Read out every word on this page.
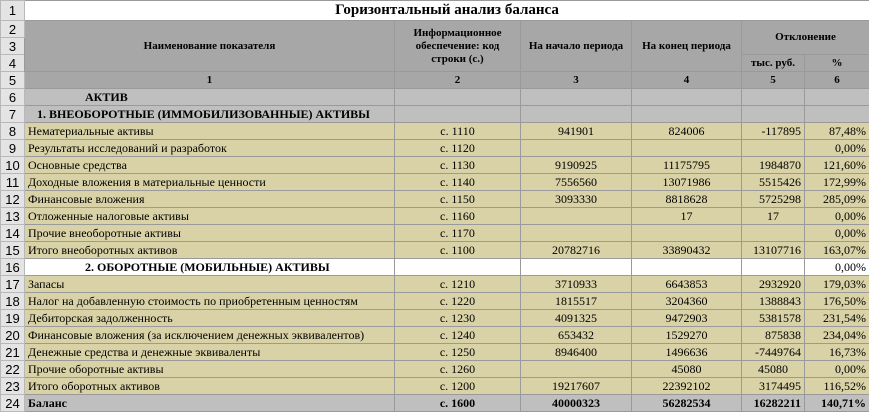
1	Горизонтальный анализ баланса					
2	Наименование показателя	Информационное обеспечение: код строки (с.)	На начало периода	На конец периода	Отклонение	
3						
4					тыс. руб.	%
5	1	2	3	4	5	6
6	АКТИВ					
7	1. ВНЕОБОРОТНЫЕ (ИММОБИЛИЗОВАННЫЕ) АКТИВЫ					
8	Нематериальные активы	с. 1110	941901	824006	-117895	87,48%
9	Результаты исследований и разработок	с. 1120				0,00%
10	Основные средства	с. 1130	9190925	11175795	1984870	121,60%
11	Доходные вложения в материальные ценности	с. 1140	7556560	13071986	5515426	172,99%
12	Финансовые вложения	с. 1150	3093330	8818628	5725298	285,09%
13	Отложенные налоговые активы	с. 1160		17	17	0,00%
14	Прочие внеоборотные активы	с. 1170				0,00%
15	Итого внеоборотных активов	с. 1100	20782716	33890432	13107716	163,07%
16	2. ОБОРОТНЫЕ (МОБИЛЬНЫЕ) АКТИВЫ					0,00%
17	Запасы	с. 1210	3710933	6643853	2932920	179,03%
18	Налог на добавленную стоимость по приобретенным ценностям	с. 1220	1815517	3204360	1388843	176,50%
19	Дебиторская задолженность	с. 1230	4091325	9472903	5381578	231,54%
20	Финансовые вложения (за исключением денежных эквивалентов)	с. 1240	653432	1529270	875838	234,04%
21	Денежные средства и денежные эквиваленты	с. 1250	8946400	1496636	-7449764	16,73%
22	Прочие оборотные активы	с. 1260		45080	45080	0,00%
23	Итого оборотных активов	с. 1200	19217607	22392102	3174495	116,52%
24	Баланс	с. 1600	40000323	56282534	16282211	140,71%
